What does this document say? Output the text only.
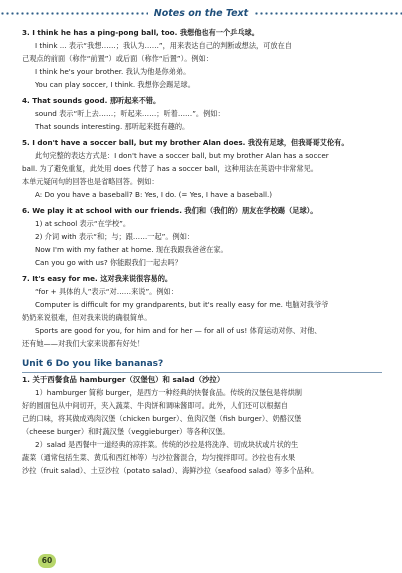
Notes on the Text

3. I think he has a ping-pong ball, too. 我想他也有一个乒乓球。

I think ... 表示“我想……；我认为……”，用来表达自己的判断或想法，可放在自

己观点的前面（称作“前置”）或后面（称作“后置”）。例如：

I think he's your brother. 我认为他是你弟弟。

You can play soccer, I think. 我想你会踢足球。

4. That sounds good. 那听起来不错。

sound 表示“听上去……；听起来……；听着……”。例如：

That sounds interesting. 那听起来挺有趣的。

5. I don't have a soccer ball, but my brother Alan does. 我没有足球，但我哥哥艾伦有。

此句完整的表达方式是：I don't have a soccer ball, but my brother Alan has a soccer

ball. 为了避免重复，此处用 does 代替了 has a soccer ball，这种用法在英语中非常常见。

本单元疑问句的回答也是省略回答。例如：

A: Do you have a baseball? B: Yes, I do. (= Yes, I have a baseball.)

6. We play it at school with our friends. 我们和（我们的）朋友在学校踢（足球）。

1) at school 表示“在学校”。

2) 介词 with 表示“和；与；跟……一起”。例如：

Now I'm with my father at home. 现在我跟我爸爸在家。

Can you go with us? 你能跟我们一起去吗？

7. It's easy for me. 这对我来说很容易的。

“for + 具体的人”表示“对……来说”。例如：

Computer is difficult for my grandparents, but it's really easy for me. 电脑对我爷爷

奶奶来说很难，但对我来说的确很简单。

Sports are good for you, for him and for her — for all of us! 体育运动对你、对他、

还有她——对我们大家来说都有好处！

Unit 6 Do you like bananas?

1. 关于西餐食品 hamburger（汉堡包）和 salad（沙拉）

1）hamburger 简称 burger，是西方一种经典的快餐食品。传统的汉堡包是将烘制

好的圆面包从中间切开，夹入蔬菜、牛肉饼和调味酱即可。此外，人们还可以根据自

己的口味，将其做成鸡肉汉堡（chicken burger）、鱼肉汉堡（fish burger）、奶酪汉堡

（cheese burger）和时蔬汉堡（veggieburger）等各种汉堡。

2）salad 是西餐中一道经典的凉拌菜。传统的沙拉是将洗净、切成块状或片状的生

蔬菜（通常包括生菜、黄瓜和西红柿等）与沙拉酱混合，均匀搅拌即可。沙拉也有水果

沙拉（fruit salad）、土豆沙拉（potato salad）、海鲜沙拉（seafood salad）等多个品种。

60
